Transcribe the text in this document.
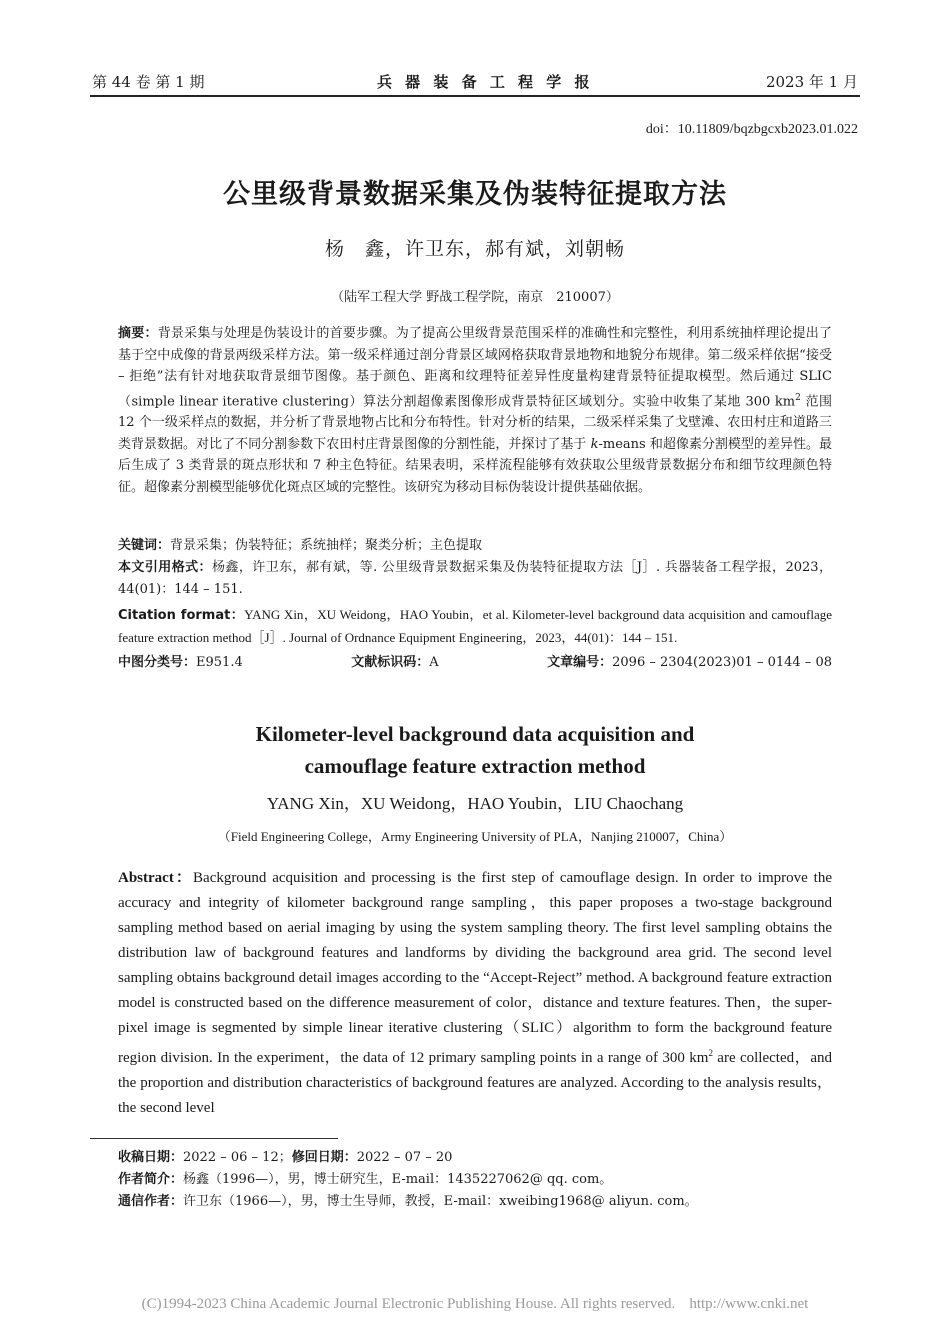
第 44 卷 第 1 期	兵 器 装 备 工 程 学 报	2023 年 1 月
doi：10.11809/bqzbgcxb2023.01.022
公里级背景数据采集及伪装特征提取方法
杨　鑫，许卫东，郝有斌，刘朝畅
（陆军工程大学 野战工程学院，南京　210007）
摘要：背景采集与处理是伪装设计的首要步骤。为了提高公里级背景范围采样的准确性和完整性，利用系统抽样理论提出了基于空中成像的背景两级采样方法。第一级采样通过剖分背景区域网格获取背景地物和地貌分布规律。第二级采样依据“接受 – 拒绝”法有针对地获取背景细节图像。基于颜色、距离和纹理特征差异性度量构建背景特征提取模型。然后通过 SLIC（simple linear iterative clustering）算法分割超像素图像形成背景特征区域划分。实验中收集了某地 300 $km^2$ 范围 12 个一级采样点的数据，并分析了背景地物占比和分布特性。针对分析的结果，二级采样采集了戈壁滩、农田村庄和道路三类背景数据。对比了不同分割参数下农田村庄背景图像的分割性能，并探讨了基于 k-means 和超像素分割模型的差异性。最后生成了 3 类背景的斑点形状和 7 种主色特征。结果表明，采样流程能够有效获取公里级背景数据分布和细节纹理颜色特征。超像素分割模型能够优化斑点区域的完整性。该研究为移动目标伪装设计提供基础依据。
关键词：背景采集；伪装特征；系统抽样；聚类分析；主色提取
本文引用格式：杨鑫，许卫东，郝有斌，等. 公里级背景数据采集及伪装特征提取方法［J］. 兵器装备工程学报，2023，44(01)：144 – 151.
Citation format：YANG Xin，XU Weidong，HAO Youbin，et al. Kilometer-level background data acquisition and camouflage feature extraction method［J］. Journal of Ordnance Equipment Engineering，2023，44(01)：144 – 151.
中图分类号：E951.4	文献标识码：A	文章编号：2096 – 2304(2023)01 – 0144 – 08
Kilometer-level background data acquisition and
camouflage feature extraction method
YANG Xin，XU Weidong，HAO Youbin，LIU Chaochang
（Field Engineering College，Army Engineering University of PLA，Nanjing 210007，China）
Abstract：Background acquisition and processing is the first step of camouflage design. In order to improve the accuracy and integrity of kilometer background range sampling，this paper proposes a two-stage background sampling method based on aerial imaging by using the system sampling theory. The first level sampling obtains the distribution law of background features and landforms by dividing the background area grid. The second level sampling obtains background detail images according to the “Accept-Reject” method. A background feature extraction model is constructed based on the difference measurement of color，distance and texture features. Then，the super-pixel image is segmented by simple linear iterative clustering（SLIC）algorithm to form the background feature region division. In the experiment，the data of 12 primary sampling points in a range of 300 $km^2$ are collected，and the proportion and distribution characteristics of background features are analyzed. According to the analysis results，the second level
收稿日期：2022 – 06 – 12；修回日期：2022 – 07 – 20
作者简介：杨鑫（1996—），男，博士研究生，E-mail：1435227062@ qq. com。
通信作者：许卫东（1966—），男，博士生导师，教授，E-mail：xweibing1968@ aliyun. com。
(C)1994-2023 China Academic Journal Electronic Publishing House. All rights reserved. http://www.cnki.net
